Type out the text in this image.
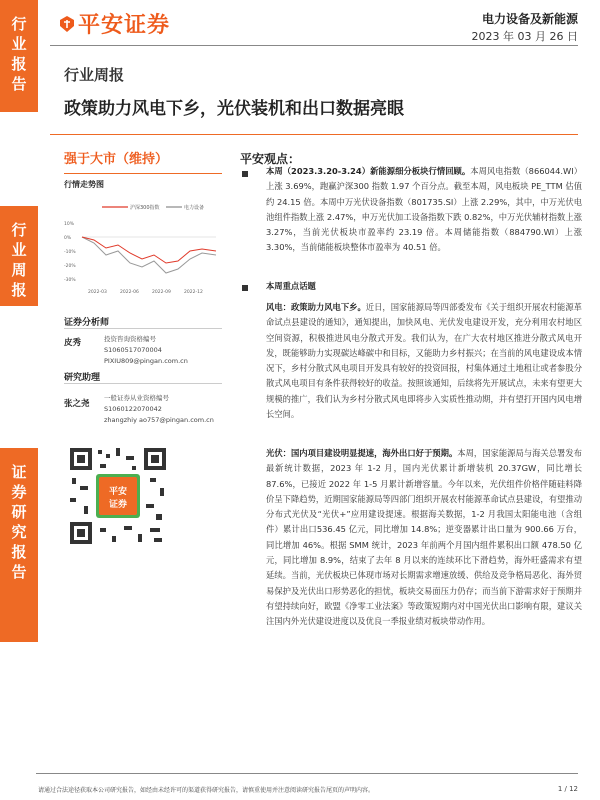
行
业
报
告
行
业
周
报
证
券
研
究
报
告
平安证券	电力设备及新能源
2023 年 03 月 26 日
行业周报
政策助力风电下乡，光伏装机和出口数据亮眼
强于大市（维持）
行情走势图
沪深300指数	电力设备
10%
0%
-10%
-20%
-30%
2022-03	2022-06	2022-09	2022-12
证券分析师
皮秀	投资咨询资格编号
S1060517070004
PIXIU809@pingan.com.cn
研究助理
张之尧
一般证券从业资格编号
S1060122070042
zhangzhiy ao757@pingan.com.cn
平安
证券
平安观点：
本周（2023.3.20-3.24）新能源细分板块行情回顾。本周风电指数（866044.WI）上涨 3.69%，跑赢沪深300 指数 1.97 个百分点。截至本周，风电板块 PE_TTM 估值约 24.15 倍。本周中万光伏设备指数（801735.SI）上涨 2.29%，其中，中万光伏电池组件指数上涨 2.47%，申万光伏加工设备指数下跌 0.82%，中万光伏辅材指数上涨 3.27%，当前光伏板块市盈率约 23.19 倍。本周储能指数（884790.WI）上涨 3.30%，当前储能板块整体市盈率为 40.51 倍。
本周重点话题
风电：政策助力风电下乡。近日，国家能源局等四部委发布《关于组织开展农村能源革命试点县建设的通知》，通知提出，加快风电、光伏发电建设开发，充分利用农村地区空间资源，积极推进风电分散式开发。我们认为，在广大农村地区推进分散式风电开发，既能够助力实现碳达峰碳中和目标，又能助力乡村振兴；在当前的风电建设成本情况下，乡村分散式风电项目开发具有较好的投资回报，村集体通过土地租让或者参股分散式风电项目有条件获得较好的收益。按照该通知，后续将先开展试点，未来有望更大规模的推广，我们认为乡村分散式风电即将步入实质性推动期，并有望打开国内风电增长空间。
光伏：国内项目建设明显提速，海外出口好于预期。本周，国家能源局与海关总署发布最新统计数据，2023 年 1-2 月，国内光伏累计新增装机 20.37GW，同比增长 87.6%，已接近 2022 年 1-5 月累计新增容量。今年以来，光伏组件价格伴随硅料降价呈下降趋势，近期国家能源局等四部门组织开展农村能源革命试点县建设，有望推动分布式光伏及“光伏+”应用建设提速。根据海关数据，1-2 月我国太阳能电池（含组件）累计出口536.45 亿元，同比增加 14.8%；逆变器累计出口量为 900.66 万台，同比增加 46%。根据 SMM 统计，2023 年前两个月国内组件累积出口额 478.50 亿元，同比增加 8.9%，结束了去年 8 月以来的连续环比下滑趋势，海外旺盛需求有望延续。当前，光伏板块已体现市场对长期需求增速放缓、供给及竞争格局恶化、海外贸易保护及光伏出口形势恶化的担忧，板块交易面压力仍存；而当前下游需求好于预期并有望持续向好，欧盟《净零工业法案》等政策短期内对中国光伏出口影响有限，建议关注国内外光伏建设进度以及优良一季报业绩对板块带动作用。
请通过合法途径获取本公司研究报告，如经由未经许可的渠道获得研究报告，请慎重使用并注意阅读研究报告尾页的声明内容。	1 / 12
